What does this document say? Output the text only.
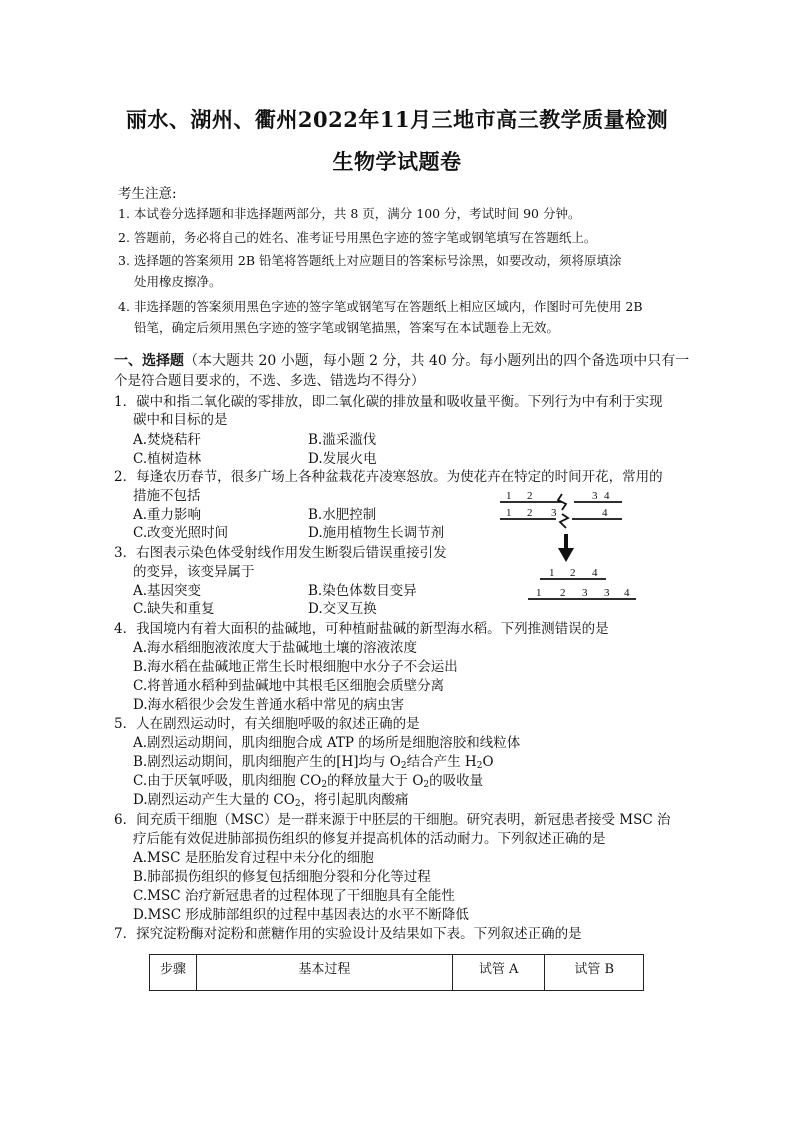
丽水、湖州、衢州2022年11月三地市高三教学质量检测
生物学试题卷
考生注意:
1. 本试卷分选择题和非选择题两部分，共 8 页，满分 100 分，考试时间 90 分钟。
2. 答题前，务必将自己的姓名、准考证号用黑色字迹的签字笔或钢笔填写在答题纸上。
3. 选择题的答案须用 2B 铅笔将答题纸上对应题目的答案标号涂黑，如要改动，须将原填涂
处用橡皮擦净。
4. 非选择题的答案须用黑色字迹的签字笔或钢笔写在答题纸上相应区域内，作图时可先使用 2B
铅笔，确定后须用黑色字迹的签字笔或钢笔描黑，答案写在本试题卷上无效。
一、选择题（本大题共 20 小题，每小题 2 分，共 40 分。每小题列出的四个备选项中只有一
个是符合题目要求的，不选、多选、错选均不得分）
1．碳中和指二氧化碳的零排放，即二氧化碳的排放量和吸收量平衡。下列行为中有利于实现
碳中和目标的是
A.焚烧秸秆	B.滥采滥伐
C.植树造林	D.发展火电
2．每逢农历春节，很多广场上各种盆栽花卉凌寒怒放。为使花卉在特定的时间开花，常用的
措施不包括
A.重力影响	B.水肥控制
C.改变光照时间	D.施用植物生长调节剂
3．右图表示染色体受射线作用发生断裂后错误重接引发
的变异，该变异属于
A.基因突变	B.染色体数目变异
C.缺失和重复	D.交叉互换
1 2	3 4
1 2 3	4
1 2 4
1 2 3 3 4
4．我国境内有着大面积的盐碱地，可种植耐盐碱的新型海水稻。下列推测错误的是
A.海水稻细胞液浓度大于盐碱地土壤的溶液浓度
B.海水稻在盐碱地正常生长时根细胞中水分子不会运出
C.将普通水稻种到盐碱地中其根毛区细胞会质壁分离
D.海水稻很少会发生普通水稻中常见的病虫害
5．人在剧烈运动时，有关细胞呼吸的叙述正确的是
A.剧烈运动期间，肌肉细胞合成 ATP 的场所是细胞溶胶和线粒体
B.剧烈运动期间，肌肉细胞产生的[H]均与 $O_2$结合产生 $H_2O$
C.由于厌氧呼吸，肌肉细胞 $CO_2$的释放量大于 $O_2$的吸收量
D.剧烈运动产生大量的 $CO_2$，将引起肌肉酸痛
6．间充质干细胞（MSC）是一群来源于中胚层的干细胞。研究表明，新冠患者接受 MSC 治
疗后能有效促进肺部损伤组织的修复并提高机体的活动耐力。下列叙述正确的是
A.MSC 是胚胎发育过程中未分化的细胞
B.肺部损伤组织的修复包括细胞分裂和分化等过程
C.MSC 治疗新冠患者的过程体现了干细胞具有全能性
D.MSC 形成肺部组织的过程中基因表达的水平不断降低
7．探究淀粉酶对淀粉和蔗糖作用的实验设计及结果如下表。下列叙述正确的是
步骤	基本过程	试管 A	试管 B
